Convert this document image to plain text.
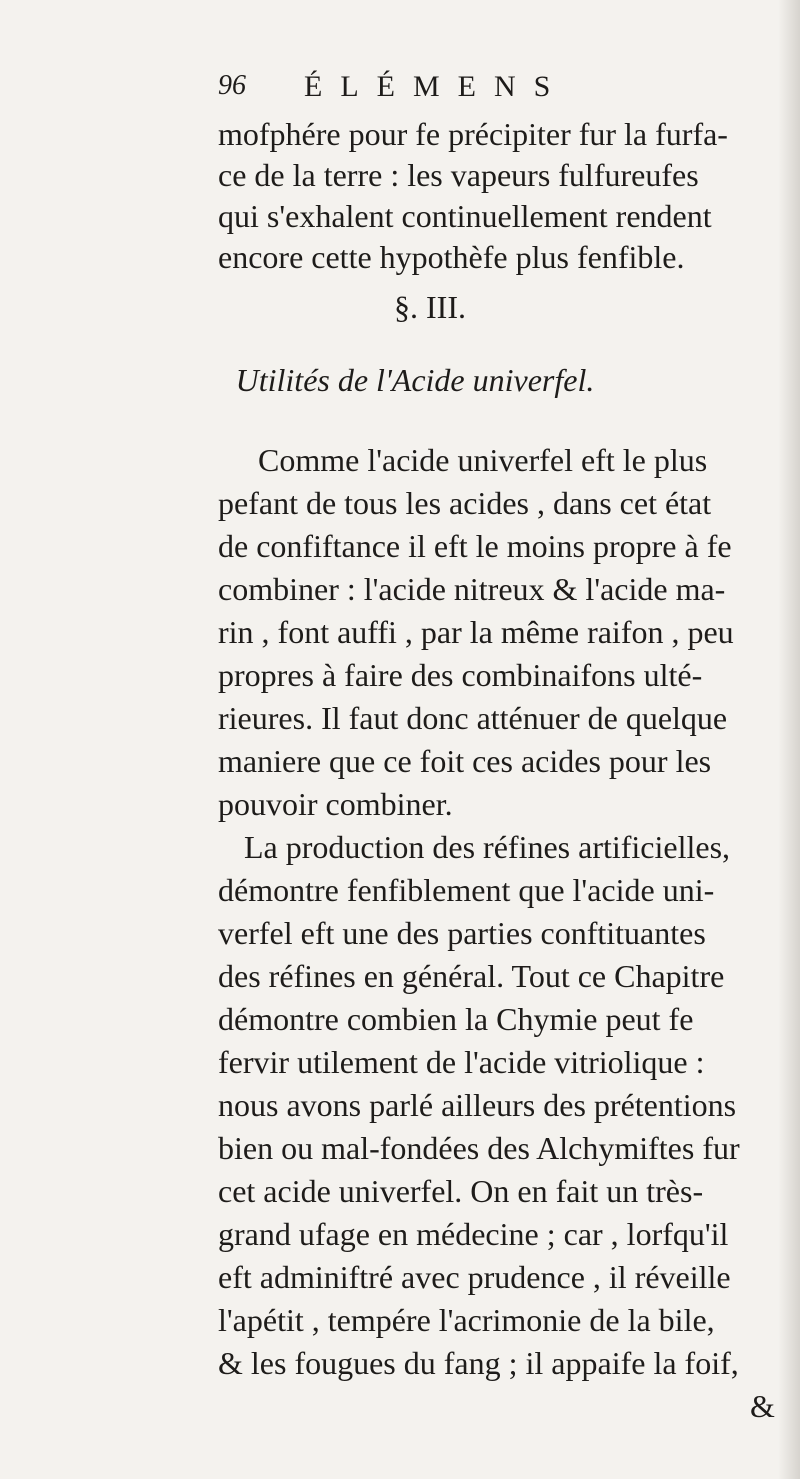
96 ÉLÉMENS
mofphére pour fe précipiter fur la furfa-
ce de la terre : les vapeurs fulfureufes
qui s'exhalent continuellement rendent
encore cette hypothèfe plus fenfible.
§. III.
Utilités de l'Acide univerfel.
Comme l'acide univerfel eft le plus
pefant de tous les acides , dans cet état
de confiftance il eft le moins propre à fe
combiner : l'acide nitreux & l'acide ma-
rin , font auffi , par la même raifon , peu
propres à faire des combinaifons ulté-
rieures. Il faut donc atténuer de quelque
maniere que ce foit ces acides pour les
pouvoir combiner.
La production des réfines artificielles,
démontre fenfiblement que l'acide uni-
verfel eft une des parties conftituantes
des réfines en général. Tout ce Chapitre
démontre combien la Chymie peut fe
fervir utilement de l'acide vitriolique :
nous avons parlé ailleurs des prétentions
bien ou mal-fondées des Alchymiftes fur
cet acide univerfel. On en fait un très-
grand ufage en médecine ; car , lorfqu'il
eft adminiftré avec prudence , il réveille
l'apétit , tempére l'acrimonie de la bile,
& les fougues du fang ; il appaife la foif,
&
